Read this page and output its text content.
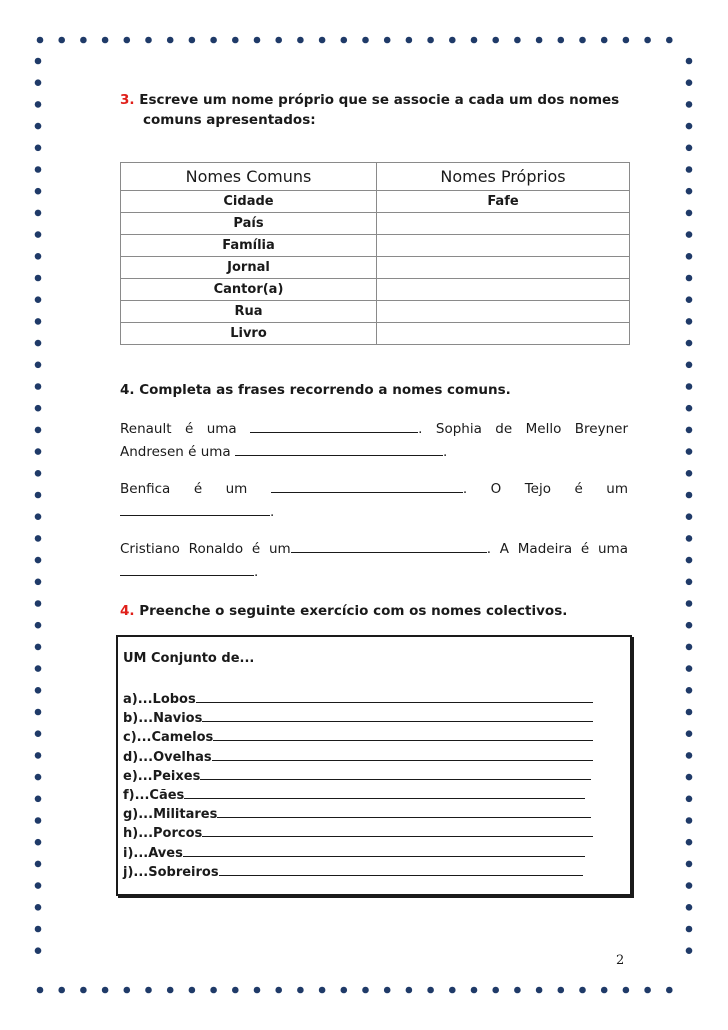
3. Escreve um nome próprio que se associe a cada um dos nomes
comuns apresentados:
Nomes Comuns	Nomes Próprios
Cidade	Fafe
País	
Família	
Jornal	
Cantor(a)	
Rua	
Livro	
4. Completa as frases recorrendo a nomes comuns.
Renault é uma	. Sophia de Mello Breyner Andresen é uma	.
Benfica é um	. O Tejo é um .
Cristiano Ronaldo é um	. A Madeira é uma .
4. Preenche o seguinte exercício com os nomes colectivos.
UM Conjunto de...
a)...Lobos
b)...Navios
c)...Camelos
d)...Ovelhas
e)...Peixes
f)...Cães
g)...Militares
h)...Porcos
i)...Aves
j)...Sobreiros
2
